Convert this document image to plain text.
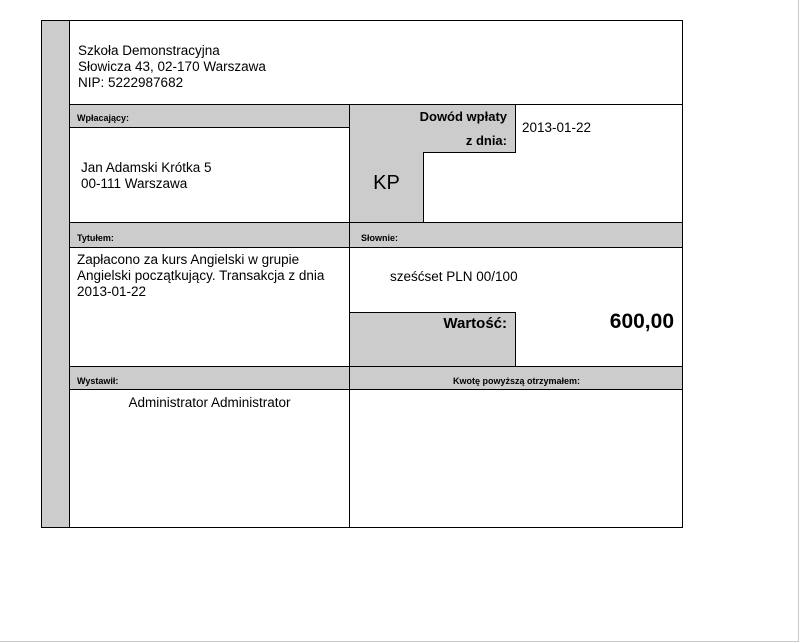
Szkoła Demonstracyjna
Słowicza 43, 02-170 Warszawa
NIP: 5222987682
Wpłacający:
Jan Adamski Krótka 5
00-111 Warszawa
Dowód wpłaty
z dnia:
2013-01-22
KP
Tytułem:	Słownie:
Zapłacono za kurs Angielski w grupie
Angielski początkujący. Transakcja z dnia
2013-01-22
sześćset PLN 00/100
Wartość:	600,00
Wystawił:	Kwotę powyższą otrzymałem:
Administrator Administrator
